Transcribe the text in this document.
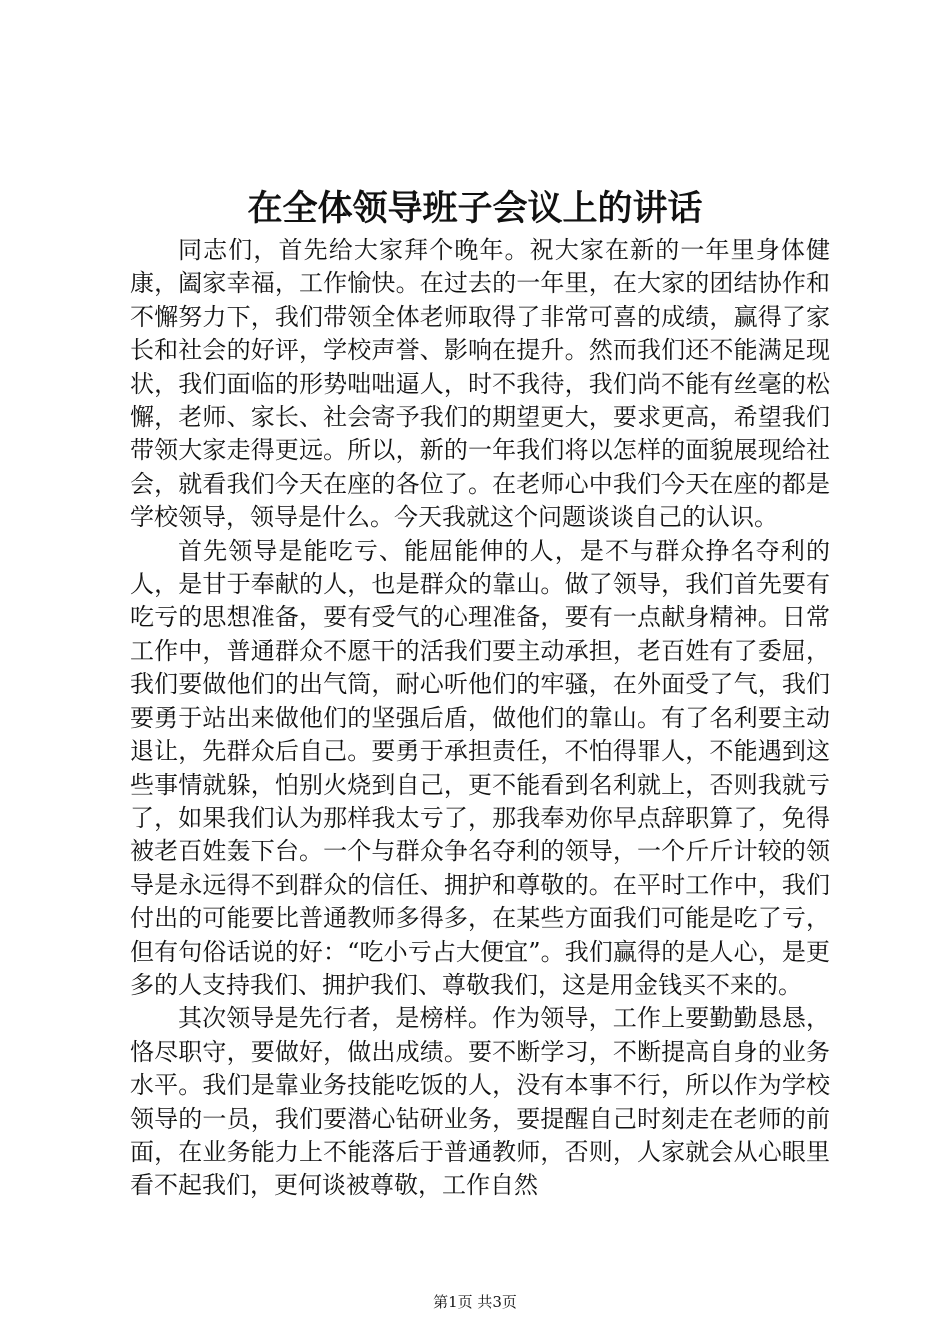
在全体领导班子会议上的讲话

同志们，首先给大家拜个晚年。祝大家在新的一年里身体健康，阖家幸福，工作愉快。在过去的一年里，在大家的团结协作和不懈努力下，我们带领全体老师取得了非常可喜的成绩，赢得了家长和社会的好评，学校声誉、影响在提升。然而我们还不能满足现状，我们面临的形势咄咄逼人，时不我待，我们尚不能有丝毫的松懈，老师、家长、社会寄予我们的期望更大，要求更高，希望我们带领大家走得更远。所以，新的一年我们将以怎样的面貌展现给社会，就看我们今天在座的各位了。在老师心中我们今天在座的都是学校领导，领导是什么。今天我就这个问题谈谈自己的认识。

首先领导是能吃亏、能屈能伸的人，是不与群众挣名夺利的人，是甘于奉献的人，也是群众的靠山。做了领导，我们首先要有吃亏的思想准备，要有受气的心理准备，要有一点献身精神。日常工作中，普通群众不愿干的活我们要主动承担，老百姓有了委屈，我们要做他们的出气筒，耐心听他们的牢骚，在外面受了气，我们要勇于站出来做他们的坚强后盾，做他们的靠山。有了名利要主动退让，先群众后自己。要勇于承担责任，不怕得罪人，不能遇到这些事情就躲，怕别火烧到自己，更不能看到名利就上，否则我就亏了，如果我们认为那样我太亏了，那我奉劝你早点辞职算了，免得被老百姓轰下台。一个与群众争名夺利的领导，一个斤斤计较的领导是永远得不到群众的信任、拥护和尊敬的。在平时工作中，我们付出的可能要比普通教师多得多，在某些方面我们可能是吃了亏，但有句俗话说的好：“吃小亏占大便宜”。我们赢得的是人心，是更多的人支持我们、拥护我们、尊敬我们，这是用金钱买不来的。

其次领导是先行者，是榜样。作为领导，工作上要勤勤恳恳，恪尽职守，要做好，做出成绩。要不断学习，不断提高自身的业务水平。我们是靠业务技能吃饭的人，没有本事不行，所以作为学校领导的一员，我们要潜心钻研业务，要提醒自己时刻走在老师的前面，在业务能力上不能落后于普通教师，否则，人家就会从心眼里看不起我们，更何谈被尊敬，工作自然

第1页 共3页
